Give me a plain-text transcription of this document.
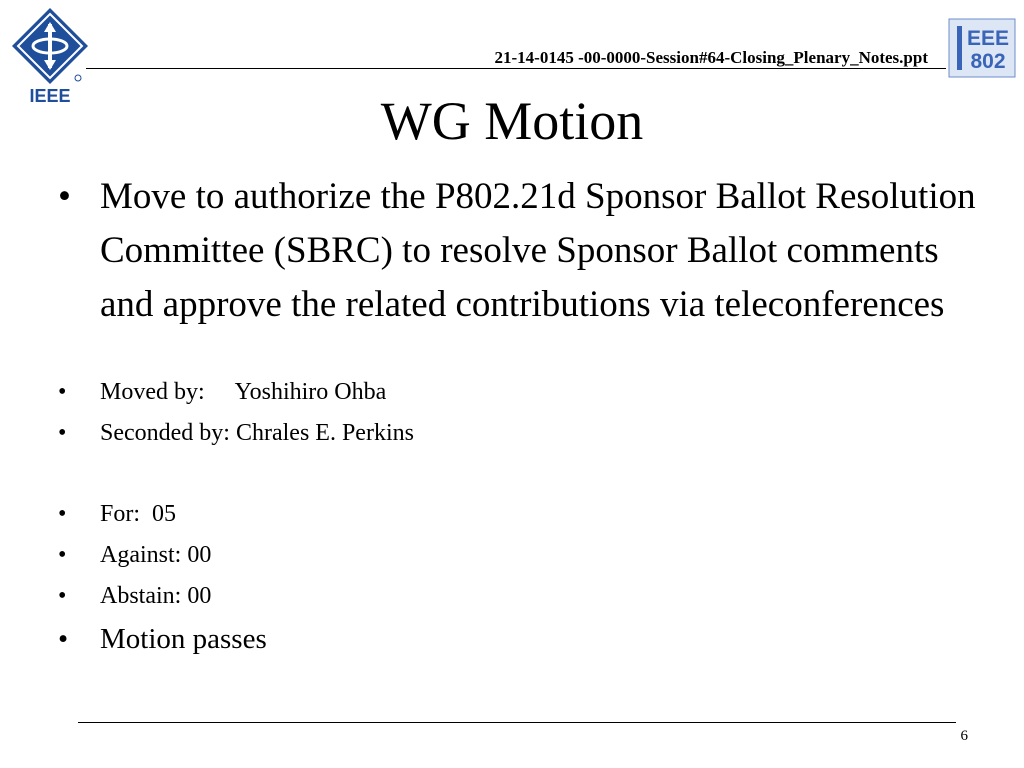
IEEE
21-14-0145 -00-0000-Session#64-Closing_Plenary_Notes.ppt
EEE
802
WG Motion
• Move to authorize the P802.21d Sponsor Ballot Resolution Committee (SBRC) to resolve Sponsor Ballot comments and approve the related contributions via teleconferences
• Moved by: Yoshihiro Ohba
• Seconded by: Chrales E. Perkins
• For:  05
• Against: 00
• Abstain: 00
• Motion passes
6
